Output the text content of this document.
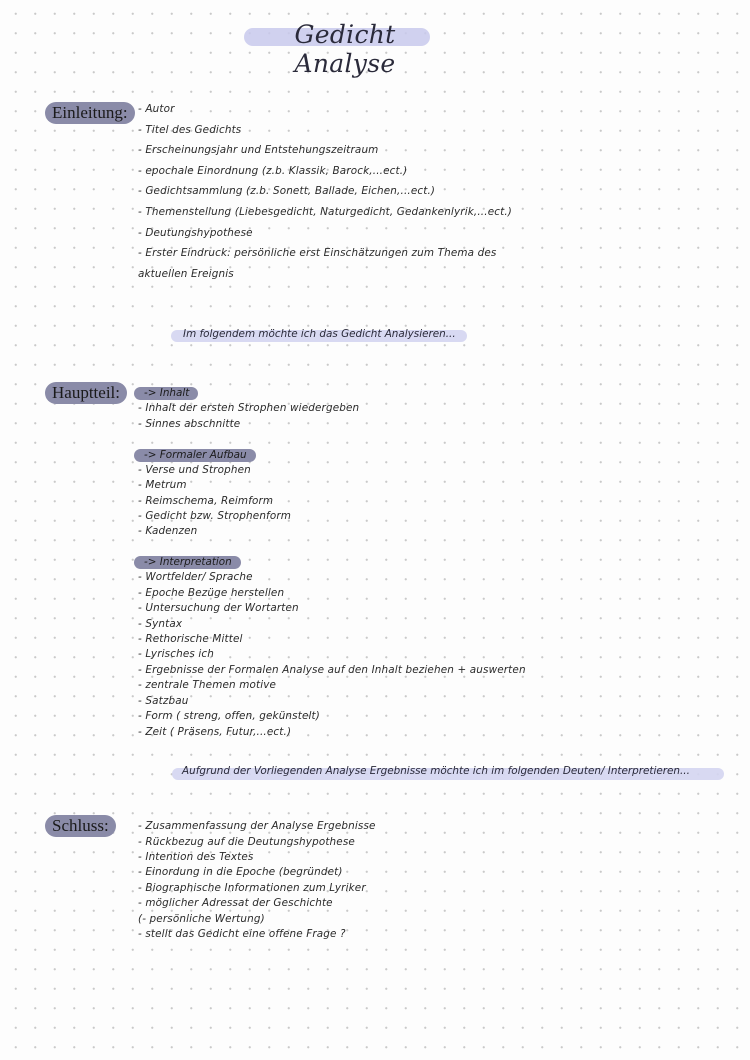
Gedicht Analyse
Einleitung:	- Autor
- Titel des Gedichts
- Erscheinungsjahr und Entstehungszeitraum
- epochale Einordnung (z.b. Klassik, Barock,...ect.)
- Gedichtsammlung (z.b. Sonett, Ballade, Eichen,...ect.)
- Themenstellung (Liebesgedicht, Naturgedicht, Gedankenlyrik,...ect.)
- Deutungshypothese
- Erster Eindruck: persönliche erst Einschätzungen zum Thema des
aktuellen Ereignis
Im folgendem möchte ich das Gedicht Analysieren...
Hauptteil:	-> Inhalt
- Inhalt der ersten Strophen wiedergeben
- Sinnes abschnitte
-> Formaler Aufbau
- Verse und Strophen
- Metrum
- Reimschema, Reimform
- Gedicht bzw. Strophenform
- Kadenzen
-> Interpretation
- Wortfelder/ Sprache
- Epoche Bezüge herstellen
- Untersuchung der Wortarten
- Syntax
- Rethorische Mittel
- Lyrisches ich
- Ergebnisse der Formalen Analyse auf den Inhalt beziehen + auswerten
- zentrale Themen motive
- Satzbau
- Form ( streng, offen, gekünstelt)
- Zeit ( Präsens, Futur,...ect.)
Aufgrund der Vorliegenden Analyse Ergebnisse möchte ich im folgenden Deuten/ Interpretieren...
Schluss:	- Zusammenfassung der Analyse Ergebnisse
- Rückbezug auf die Deutungshypothese
- Intention des Textes
- Einordung in die Epoche (begründet)
- Biographische Informationen zum Lyriker
- möglicher Adressat der Geschichte
(- persönliche Wertung)
- stellt das Gedicht eine offene Frage ?
